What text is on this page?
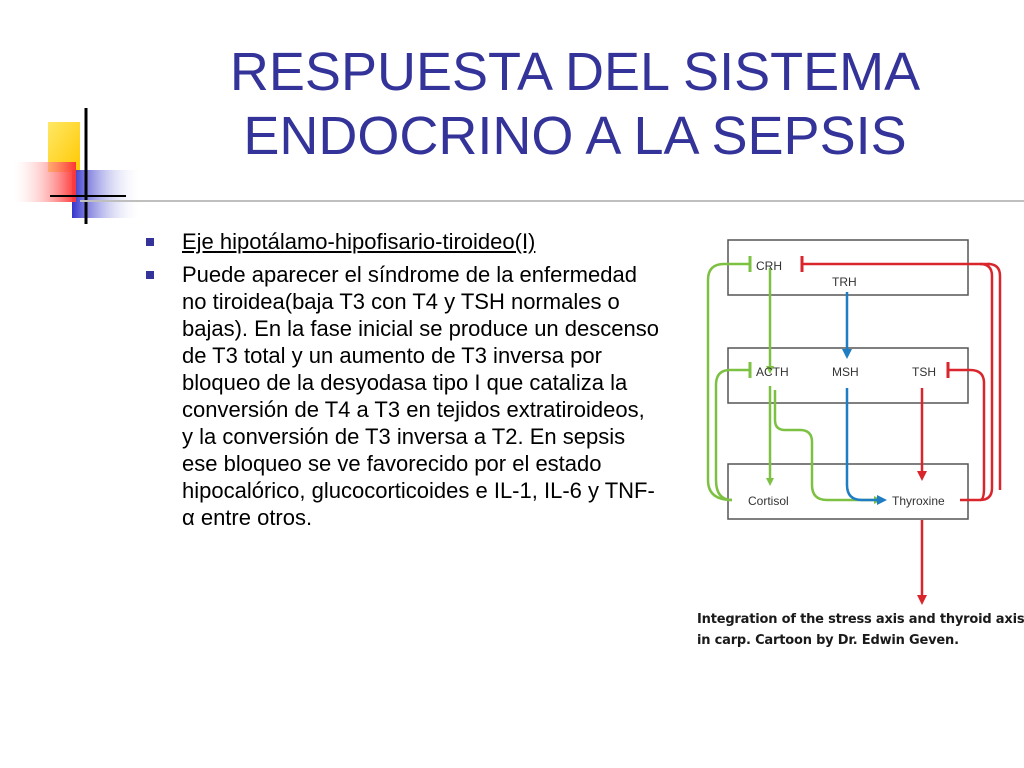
RESPUESTA DEL SISTEMA
ENDOCRINO A LA SEPSIS
Eje hipotálamo-hipofisario-tiroideo(I)
Puede aparecer el síndrome de la enfermedad no tiroidea(baja T3 con T4 y TSH normales o bajas). En la fase inicial se produce un descenso de T3 total y un aumento de T3 inversa por bloqueo de la desyodasa tipo I que cataliza la conversión de T4 a T3 en tejidos extratiroideos, y la conversión de T3 inversa a T2. En sepsis ese bloqueo se ve favorecido por el estado hipocalórico, glucocorticoides e IL-1, IL-6 y TNF-α entre otros.
CRH
TRH
ACTH	MSH	TSH
Cortisol	Thyroxine
Integration of the stress axis and thyroid axis
in carp. Cartoon by Dr. Edwin Geven.
